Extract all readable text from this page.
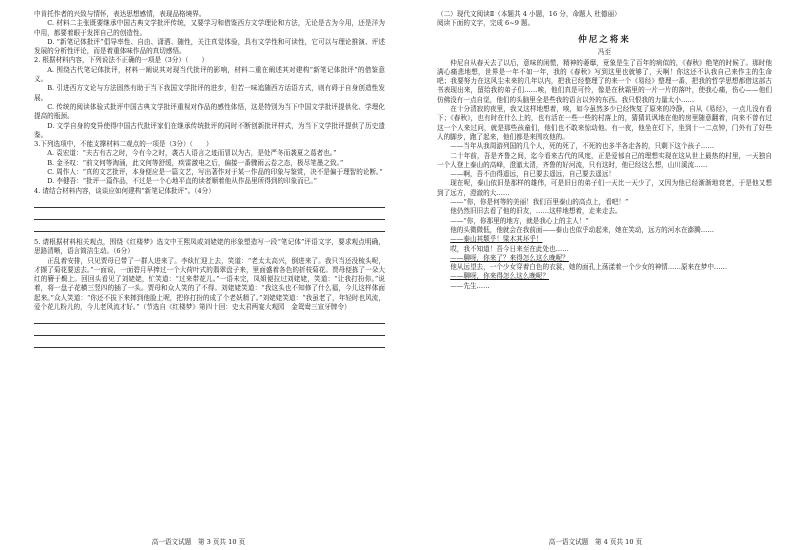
中肯托作者的兴致与情怀，表达思想感情，表现品格境界。

C. 材料二主张既要继承中国古典文学批评传统，又要学习和借鉴西方文学理论和方法，无论是古为今用，还是洋为中用，都要着眼于发挥自己的创造性。

D. “新笔记体批评”倡导率性、自由、潇洒、随性，关注真觉体验，具有文学性和可读性，它可以与理论推演、评述发展的分析性评论，而是着重体味作品的真切感悟。

2. 根据材料内容，下列说法不正确的一项是（3分）（　　）

A. 围绕古代笔记体批评，材料一阐说其对现当代批评的影响，材料二重在阐述其对建构“新笔记体批评”的借鉴意义。

B. 引进西方文论与方法固然有助于当下我国文学批评的进步，但若一味追随西方话语方式，则有碍于自身创造性发展。

C. 传统的阅读体验式批评中国古典文学批评重视对作品的感性体悟，这是特别为当下中国文学批评提供化、学理化提高的瓶颈。

D. 文学自身的变异使得中国古代批评家们在继承传统批评的同时不断创新批评样式，为当下文学批评提供了历史遗鉴。

3.下列选项中，不能支撑材料二观点的一项是（3分）（　　）

A. 袁宏道：“夫古有古之时，今有今之时，袭古人语言之迹而冒以为古，是处严冬而袭夏之葛者也。”

B. 金圣叹：“前文何等淘涌，此文何等舒缓，疾雷激电之后，偏接一番骤雨云卷之态，极尽笔墨之致。”

C. 周作人：“真的文艺批评，本身便应是一篇文艺，写出著作对于某一作品的印象与鉴赏，决不是偏于理智的论断。”

D. 李健吾：“批评一篇作品，不过是一个心地平直的读者顺着他从作品里所得到的印象而已。”

4. 请结合材料内容，谈谈应如何建构“新笔记体批评”。（4分）

5. 请根据材料相关观点，围绕《红楼梦》选文中王熙凤或刘姥姥的形象塑造写一段“笔记体”评语文字，要求观点明确，思路清晰，语言简洁生动。（6分）

正乱着安排，只见贾母已带了一群人进来了。李纨忙迎上去，笑道：“老太太高兴，倒进来了。我只当还没梳头呢，才撷了菊花要送去。”一面说，一面碧月早捧过一个大荷叶式的翡翠盘子来，里面盛着各色的折枝菊花。贾母便拣了一朵大红的簪于鬓上。回回头看见了刘姥姥，忙笑道：“过来带花儿。”一语未完，凤姐便拉过刘姥姥，笑道：“让我打扮你。”说着，将一盘子花横三竖四的插了一头。贾母和众人笑的了不得。刘姥姥笑道：“我这头也不知修了什么福，今儿这样体面起来。”众人笑道：“你还不拔下来摔到他脸上呢，把你打扮的成了个老妖精了。”刘姥姥笑道：“我虽老了，年轻时也风流，爱个花儿粉儿的，今儿老风流才好。”（节选自《红楼梦》第四十回：史太君两宴大观园　金鸳鸯三宣牙牌令）

高一语文试题　第 3 页共 10 页

（二）现代文阅读Ⅱ（本题共 4 小题，16 分，命题人 杜德丽）

阅读下面的文字，完成 6~9 题。

仲尼之将来
冯至

仲尼自从春天去了以后，意味的闲慌，精神的萎靡，竟象是生了百年的病似的，《春秋》绝笔的时候了。那时他满心痛悲地想，世界是一年不如一年，我的《春秋》写到这里也就够了，天啊！你这还不认我自己来作主的生命吧；我要努力在这风尘未来的几年以内，把我已经整理了的来一个《易经》整理一番，把我的哲学思想都借这部古书表现出来，留给我的弟子们……唉，他们真是可怜，像是在秋霜里的一片一片的落叶，使我心痛，伤心——他们仿佛没有一点自觉，他们的头脑里全是些我的语言以外的东西。我只恨我的力量太小……

在十分清寂的夜里，我又这样地想着，唉，如今虽然多少已经恢复了原来的冷静，自从《易经》，一点儿没有看下；《春秋》，也有时在什么上的，也有活在一些一些的村落上的，猜猜讥讽地在他的房里随意翻着，向来不曾有过这一个人来过问，就是那些孩童们，他们也不敢来惊动他。有一夜，他坐在灯下，坐到十一二点钟，门外有了好些人的脚步，跑了起来，他们都是来围攻他的。

——当年从我周游列国的几个人，死的死了，不死的也多半各走各的，只剩下这个孩子……

二十年前，吾是齐鲁之间，迄今看来古代的风度，正是爱郁自己的理想实现在这从世上最热的村里，一天独自一个人登上泰山的高峰，澄澈太清，齐鲁的好河流，只有这时，他已经这么想，山川溪流……

——啊，吾不由得遥远，自已要去遥远，自己要去遥远！

现在呢，泰山依旧是那样的雄伟，可是旧日的弟子们一天比一天少了，又因为他已经渐渐地衰老，于是他又想到了远方，澄澈的大……

——“你，你是何等的美丽！我们百里泰山的高点上，看吧！”

他仍然旧旧去看了他的旧友，……这样地想着，走来走去。

——“你，你那里的地方，就是我心上的主人！”

他的头微微低，他就会在我前面——泰山也似乎动起来，她在笑动，远方的河水在澎腾……

——泰山其颓乎！梁木其坏乎！

哎，我不知道！吾今日来至在此处也……

——聊呀，你来了？来得怎么这么晚呢？

他从远望去，一个少女穿着白色的衣裳，她的面孔上荡漾着一个少女的神情……原来在梦中……

——聊呀，你来得怎么这么晚呢？

——先生……

高一语文试题　第 4 页共 10 页
